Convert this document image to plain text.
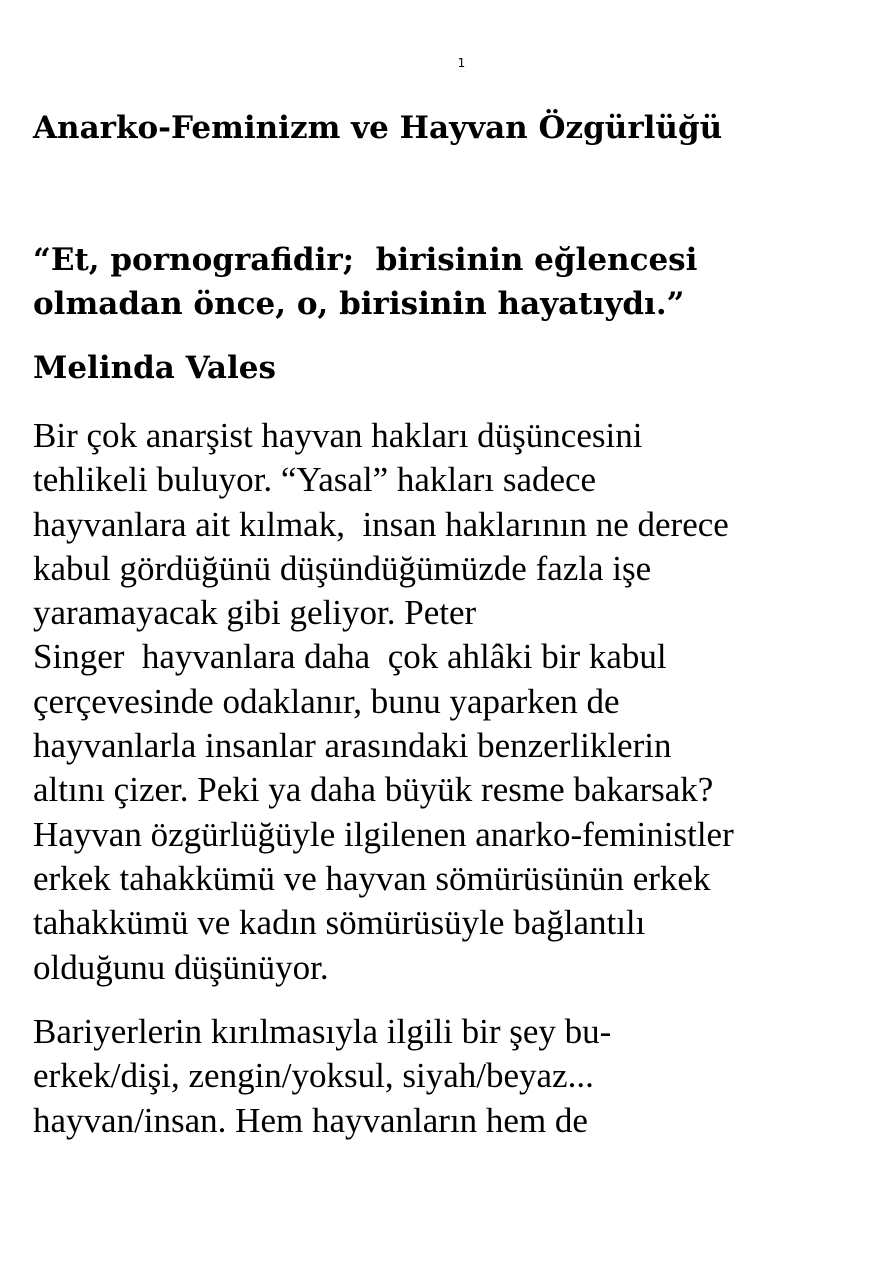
1
Anarko-Feminizm ve Hayvan Özgürlüğü

“Et, pornografidir;  birisinin eğlencesi
olmadan önce, o, birisinin hayatıydı.”

Melinda Vales

Bir çok anarşist hayvan hakları düşüncesini
tehlikeli buluyor. “Yasal” hakları sadece
hayvanlara ait kılmak,  insan haklarının ne derece
kabul gördüğünü düşündüğümüzde fazla işe
yaramayacak gibi geliyor. Peter
Singer  hayvanlara daha  çok ahlâki bir kabul
çerçevesinde odaklanır, bunu yaparken de
hayvanlarla insanlar arasındaki benzerliklerin
altını çizer. Peki ya daha büyük resme bakarsak?
Hayvan özgürlüğüyle ilgilenen anarko-feministler
erkek tahakkümü ve hayvan sömürüsünün erkek
tahakkümü ve kadın sömürüsüyle bağlantılı
olduğunu düşünüyor.

Bariyerlerin kırılmasıyla ilgili bir şey bu-
erkek/dişi, zengin/yoksul, siyah/beyaz...
hayvan/insan. Hem hayvanların hem de
